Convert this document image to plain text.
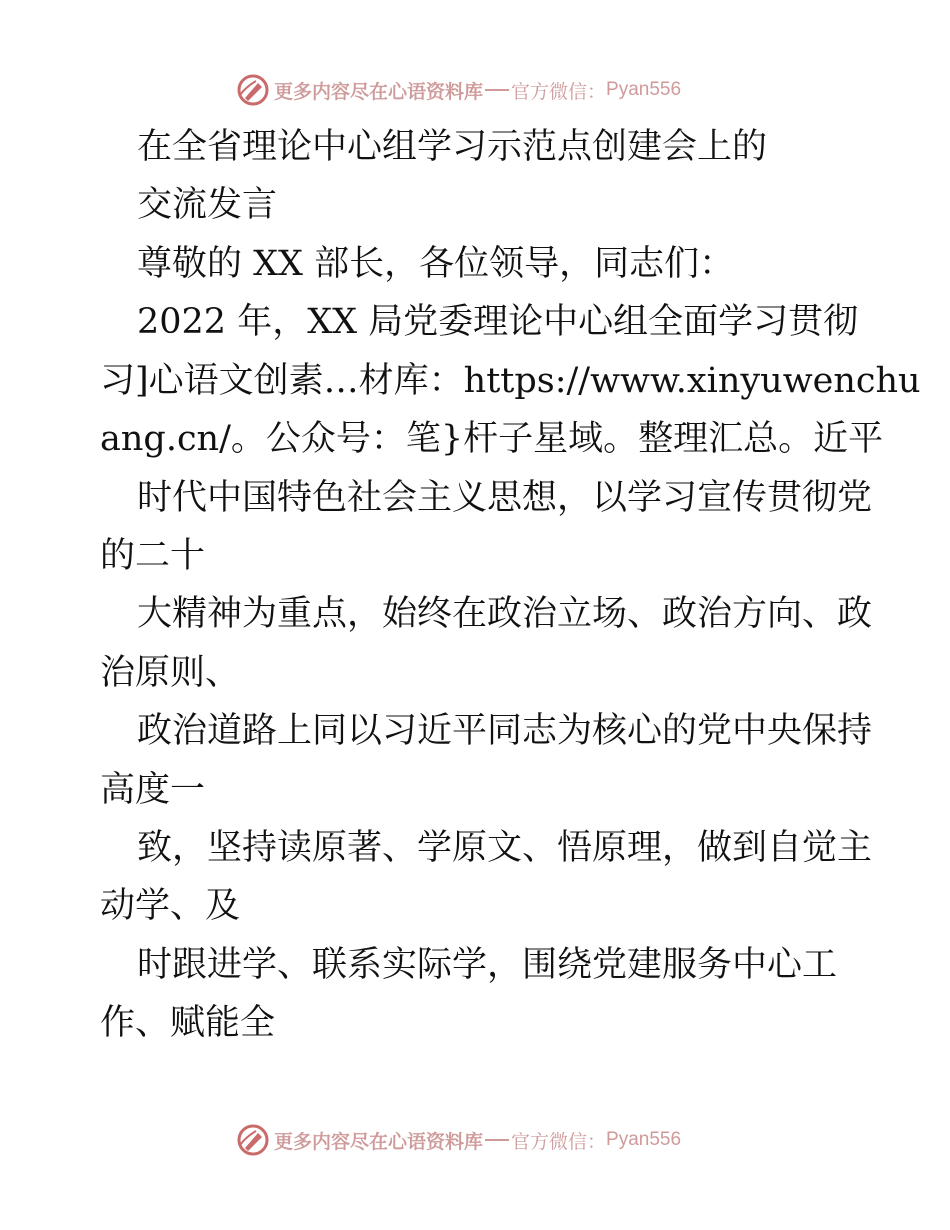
更多内容尽在心语资料库 官方微信： Pyan556
在全省理论中心组学习示范点创建会上的
交流发言
尊敬的 XX 部长，各位领导，同志们：
2022 年，XX 局党委理论中心组全面学习贯彻
习]心语文创素…材库：https://www.xinyuwenchu
ang.cn/。公众号：笔}杆子星域。整理汇总。近平
时代中国特色社会主义思想，以学习宣传贯彻党
的二十
大精神为重点，始终在政治立场、政治方向、政
治原则、
政治道路上同以习近平同志为核心的党中央保持
高度一
致，坚持读原著、学原文、悟原理，做到自觉主
动学、及
时跟进学、联系实际学，围绕党建服务中心工
作、赋能全
更多内容尽在心语资料库 官方微信： Pyan556
